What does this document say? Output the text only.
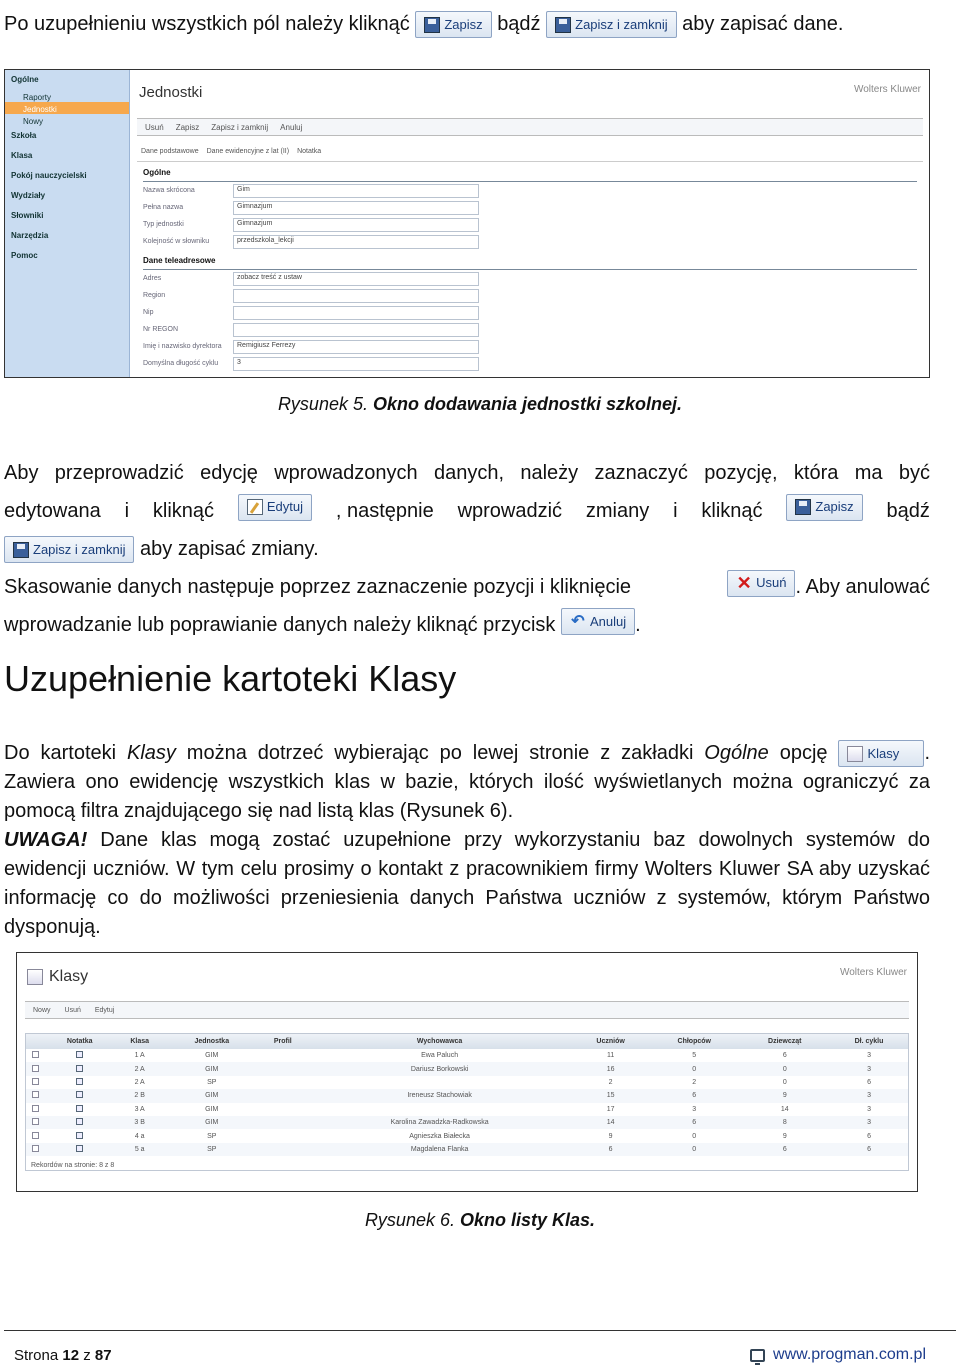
Po uzupełnieniu wszystkich pól należy kliknąć	Zapisz bądź	Zapisz i zamknij aby zapisać dane.
Ogólne
Raporty
Jednostki
Nowy
Szkoła
Klasa
Pokój nauczycielski
Wydziały
Słowniki
Narzędzia
Pomoc
Jednostki	Wolters Kluwer
Usuń Zapisz Zapisz i zamknij Anuluj
Dane podstawowe Dane ewidencyjne z lat (II) Notatka
Ogólne
Nazwa skrócona	Gim
Pełna nazwa	Gimnazjum
Typ jednostki	Gimnazjum
Kolejność w słowniku	przedszkola_lekcji
Dane teleadresowe
Adres	zobacz treść z ustaw
Region
Nip
Nr REGON
Imię i nazwisko dyrektora	Remigiusz Ferrezy
Domyślna długość cyklu	3
Rysunek 5. Okno dodawania jednostki szkolnej.
Aby przeprowadzić edycję wprowadzonych danych, należy zaznaczyć pozycję, która ma być
edytowana i kliknąć	Edytuj , następnie wprowadzić zmiany i kliknąć	Zapisz bądź
Zapisz i zamknij aby zapisać zmiany.
Skasowanie danych następuje poprzez zaznaczenie pozycji i kliknięcie	✕ Usuń . Aby anulować
wprowadzanie lub poprawianie danych należy kliknąć przycisk ↶ Anuluj .
Uzupełnienie kartoteki Klasy
Do kartoteki Klasy można dotrzeć wybierając po lewej stronie z zakładki Ogólne opcję Klasy . Zawiera ono ewidencję wszystkich klas w bazie, których ilość wyświetlanych można ograniczyć za pomocą filtra znajdującego się nad listą klas (Rysunek 6).
UWAGA! Dane klas mogą zostać uzupełnione przy wykorzystaniu baz dowolnych systemów do ewidencji uczniów. W tym celu prosimy o kontakt z pracownikiem firmy Wolters Kluwer SA aby uzyskać informację co do możliwości przeniesienia danych Państwa uczniów z systemów, którym Państwo dysponują.
Klasy	Wolters Kluwer
Nowy Usuń Edytuj
	Notatka	Klasa	Jednostka	Profil	Wychowawca	Uczniów	Chłopców	Dziewcząt	Dł. cyklu
		1 A	GIM		Ewa Paluch	11	5	6	3
		2 A	GIM		Dariusz Borkowski	16	0	0	3
		2 A	SP			2	2	0	6
		2 B	GIM		Ireneusz Stachowiak	15	6	9	3
		3 A	GIM			17	3	14	3
		3 B	GIM		Karolina Zawadzka-Radkowska	14	6	8	3
		4 a	SP		Agnieszka Białecka	9	0	9	6
		5 a	SP		Magdalena Flanka	6	0	6	6
Rekordów na stronie: 8 z 8
Rysunek 6. Okno listy Klas.
Strona 12 z 87	www.progman.com.pl
